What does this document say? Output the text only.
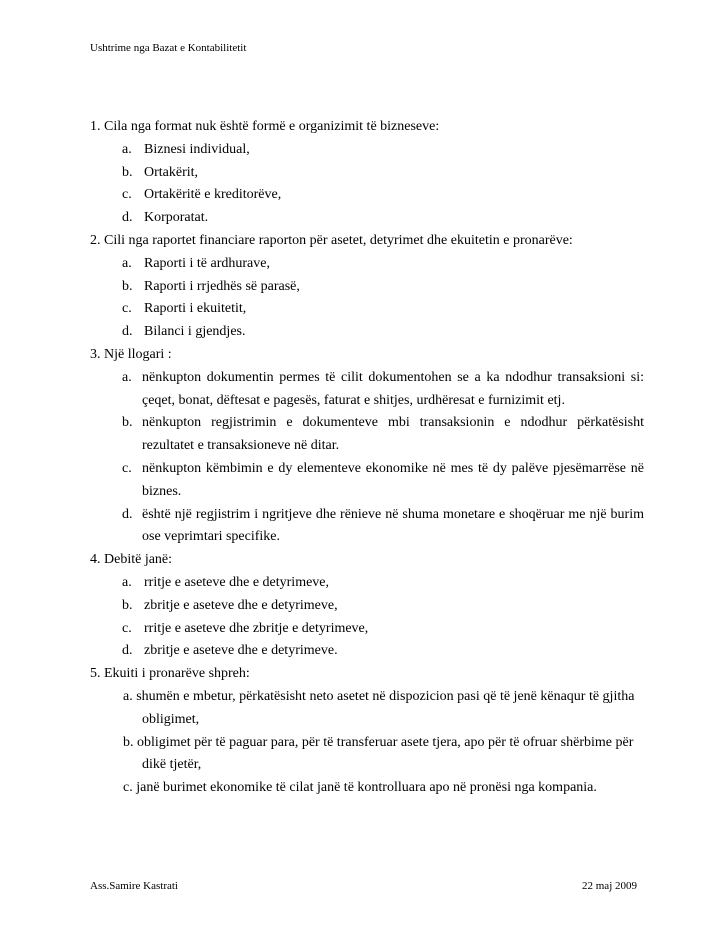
Ushtrime nga Bazat e Kontabilitetit
1. Cila nga format nuk është formë e organizimit të bizneseve:
a. Biznesi individual,
b. Ortakërit,
c. Ortakëritë e kreditorëve,
d. Korporatat.
2. Cili nga raportet financiare raporton për asetet, detyrimet dhe ekuitetin e pronarëve:
a. Raporti i të ardhurave,
b. Raporti i rrjedhës së parasë,
c. Raporti i ekuitetit,
d. Bilanci i gjendjes.
3. Një llogari :
a. nënkupton dokumentin permes të cilit dokumentohen se a ka ndodhur transaksioni si: çeqet, bonat, dëftesat e pagesës, faturat e shitjes, urdhëresat e furnizimit etj.
b. nënkupton regjistrimin e dokumenteve mbi transaksionin e ndodhur përkatësisht rezultatet e transaksioneve në ditar.
c. nënkupton këmbimin e dy elementeve ekonomike në mes të dy palëve pjesëmarrëse në biznes.
d. është një regjistrim i ngritjeve dhe rënieve në shuma monetare e shoqëruar me një burim ose veprimtari specifike.
4. Debitë janë:
a. rritje e aseteve dhe e detyrimeve,
b. zbritje e aseteve dhe e detyrimeve,
c. rritje e aseteve dhe zbritje e detyrimeve,
d. zbritje e aseteve dhe e detyrimeve.
5. Ekuiti i pronarëve shpreh:
a. shumën e mbetur, përkatësisht neto asetet në dispozicion pasi që të jenë kënaqur të gjitha obligimet,
b. obligimet për të paguar para, për të transferuar asete tjera, apo për të ofruar shërbime për dikë tjetër,
c. janë burimet ekonomike të cilat janë të kontrolluara apo në pronësi nga kompania.
Ass.Samire Kastrati	22 maj 2009
